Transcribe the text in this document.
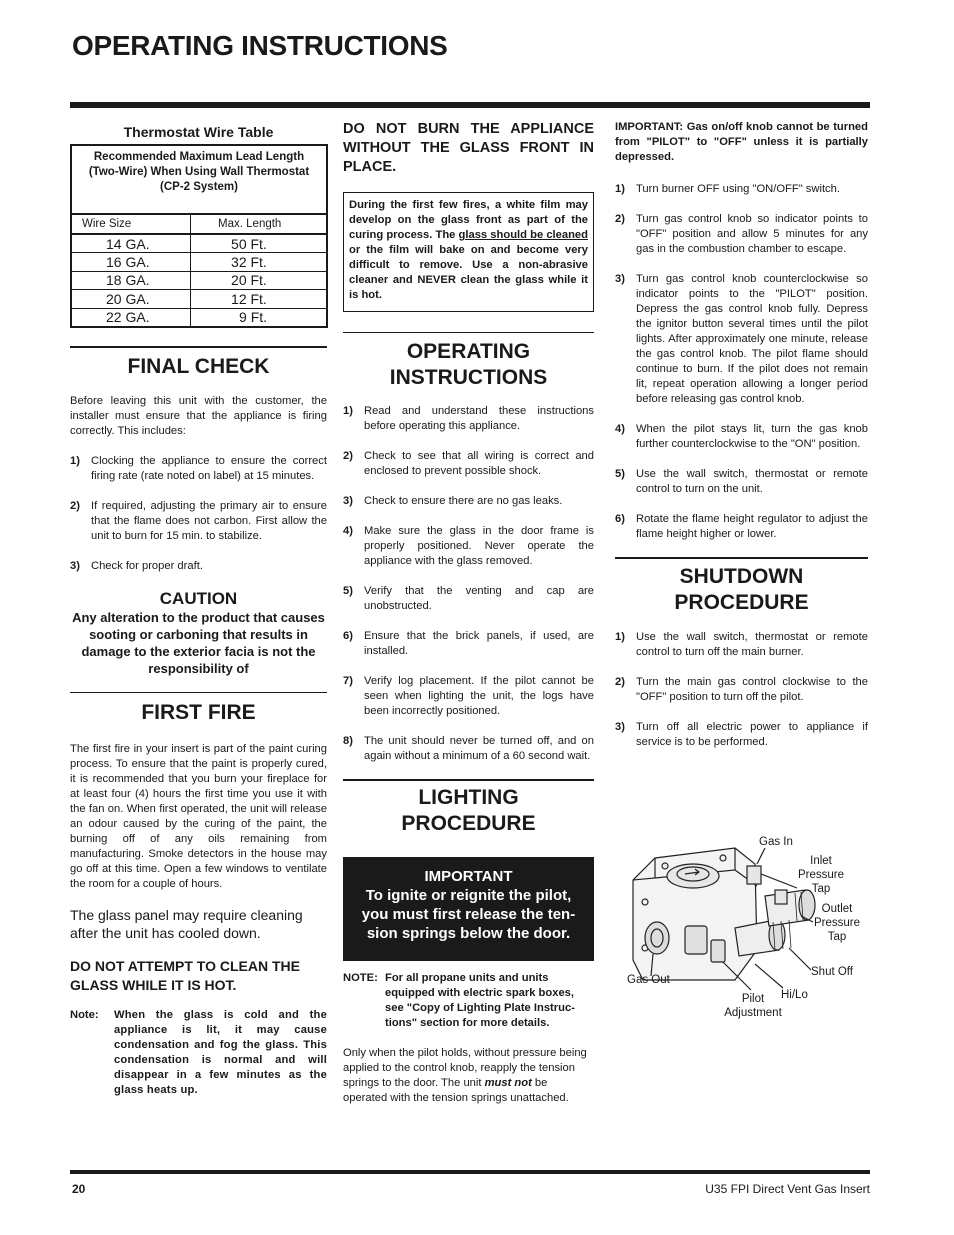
OPERATING INSTRUCTIONS
Thermostat Wire Table
Recommended Maximum Lead Length (Two-Wire) When Using Wall Thermostat (CP-2 System)	
Wire Size	Max. Length
14 GA.	50 Ft.
16 GA.	32 Ft.
18 GA.	20 Ft.
20 GA.	12 Ft.
22 GA.	9 Ft.
FINAL CHECK

Before leaving this unit with the customer, the installer must ensure that the appliance is firing correctly. This includes:

1) Clocking the appliance to ensure the correct firing rate (rate noted on label) at 15 minutes.
2) If required, adjusting the primary air to ensure that the flame does not carbon. First allow the unit to burn for 15 min. to stabilize.
3) Check for proper draft.
CAUTION
Any alteration to the product that causes sooting or carboning that results in damage to the exterior facia is not the responsibility of
FIRST FIRE

The first fire in your insert is part of the paint curing process. To ensure that the paint is properly cured, it is recommended that you burn your fireplace for at least four (4) hours the first time you use it with the fan on. When first operated, the unit will release an odour caused by the curing of the paint, the burning off of any oils remaining from manufacturing. Smoke detectors in the house may go off at this time. Open a few windows to ventilate the room for a couple of hours.

The glass panel may require cleaning after the unit has cooled down.

DO NOT ATTEMPT TO CLEAN THE GLASS WHILE IT IS HOT.

Note:	When the glass is cold and the appliance is lit, it may cause condensation and fog the glass. This condensation is normal and will disappear in a few minutes as the glass heats up.
DO NOT BURN THE APPLIANCE WITHOUT THE GLASS FRONT IN PLACE.
During the first few fires, a white film may develop on the glass front as part of the curing process. The glass should be cleaned or the film will bake on and become very difficult to remove. Use a non-abrasive cleaner and NEVER clean the glass while it is hot.
OPERATING
INSTRUCTIONS
1) Read and understand these instructions before operating this appliance.
2) Check to see that all wiring is correct and enclosed to prevent possible shock.
3) Check to ensure there are no gas leaks.
4) Make sure the glass in the door frame is properly positioned. Never operate the appliance with the glass removed.
5) Verify that the venting and cap are unobstructed.
6) Ensure that the brick panels, if used, are installed.
7) Verify log placement. If the pilot cannot be seen when lighting the unit, the logs have been incorrectly positioned.
8) The unit should never be turned off, and on again without a minimum of a 60 second wait.
LIGHTING
PROCEDURE
IMPORTANT
To ignite or reignite the pilot, you must first release the ten-sion springs below the door.
NOTE: For all propane units and units equipped with electric spark boxes, see "Copy of Lighting Plate Instruc-tions" section for more details.

Only when the pilot holds, without pressure being applied to the control knob, reapply the tension springs to the door. The unit must not be operated with the tension springs unattached.

IMPORTANT: Gas on/off knob cannot be turned from "PILOT" to "OFF" unless it is partially depressed.

1) Turn burner OFF using "ON/OFF" switch.
2) Turn gas control knob so indicator points to "OFF" position and allow 5 minutes for any gas in the combustion chamber to escape.
3) Turn gas control knob counterclockwise so indicator points to the "PILOT" position. Depress the gas control knob fully. Depress the ignitor button several times until the pilot lights. After approximately one minute, release the gas control knob. The pilot flame should continue to burn. If the pilot does not remain lit, repeat operation allowing a longer period before releasing gas control knob.
4) When the pilot stays lit, turn the gas knob further counterclockwise to the "ON" position.
5) Use the wall switch, thermostat or remote control to turn on the unit.
6) Rotate the flame height regulator to adjust the flame height higher or lower.
SHUTDOWN
PROCEDURE
1) Use the wall switch, thermostat or remote control to turn off the main burner.
2) Turn the main gas control clockwise to the "OFF" position to turn off the pilot.
3) Turn off all electric power to appliance if service is to be performed.
Gas In
Inlet Pressure Tap
Outlet Pressure Tap
Shut Off
Gas Out
Hi/Lo
Pilot Adjustment
20	U35 FPI Direct Vent Gas Insert
